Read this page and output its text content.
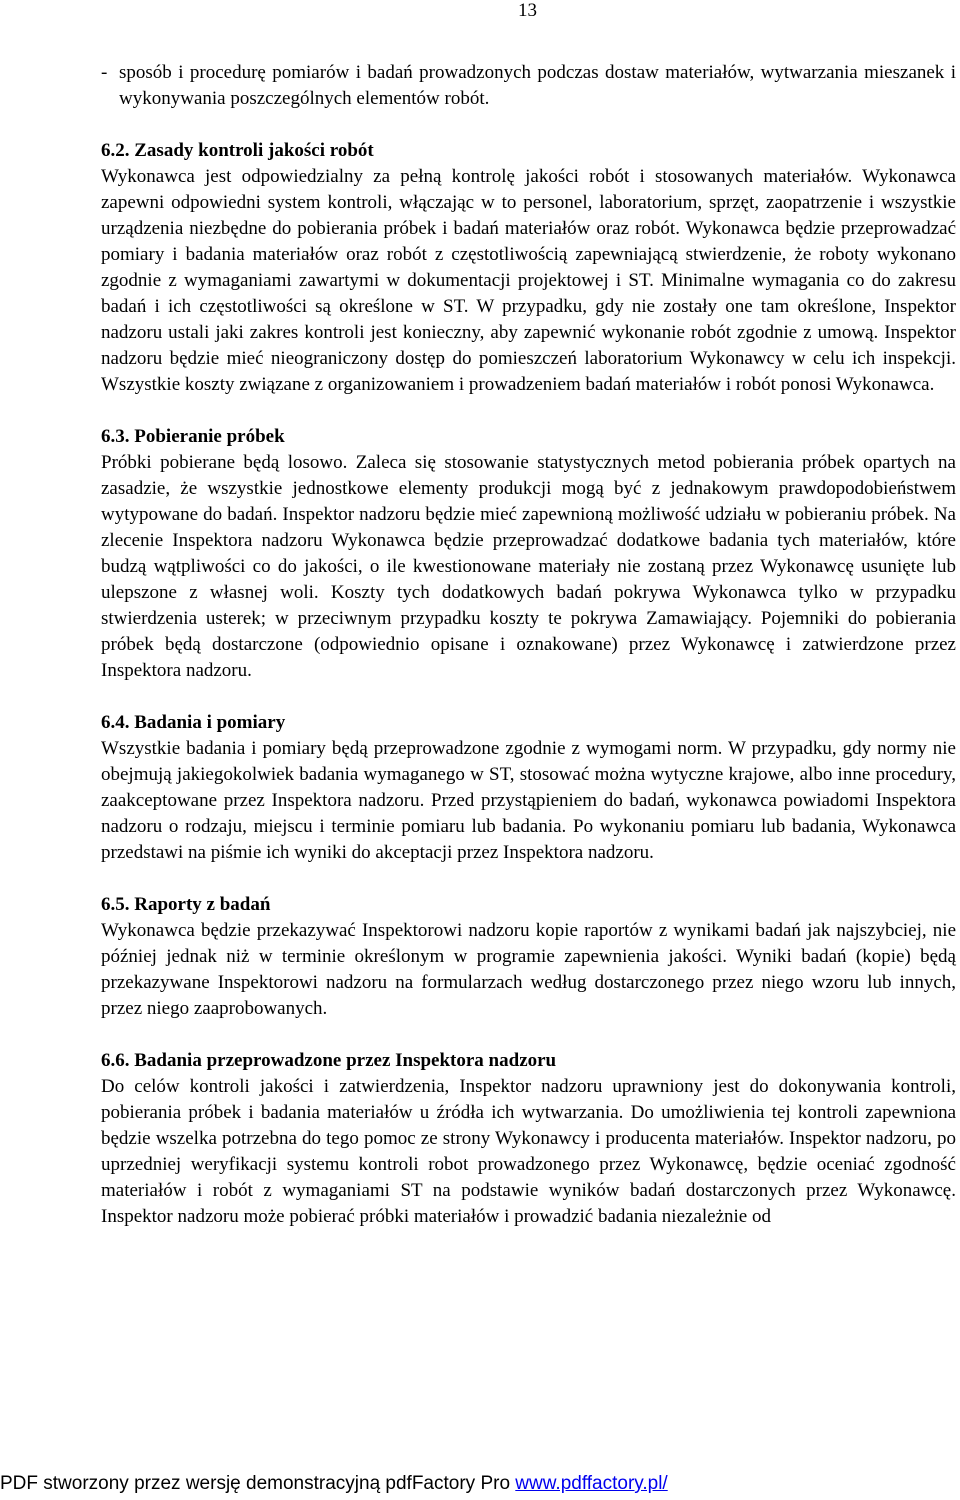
13
- sposób i procedurę pomiarów i badań prowadzonych podczas dostaw materiałów, wytwarzania mieszanek i wykonywania poszczególnych elementów robót.
6.2. Zasady kontroli jakości robót

Wykonawca jest odpowiedzialny za pełną kontrolę jakości robót i stosowanych materiałów. Wykonawca zapewni odpowiedni system kontroli, włączając w to personel, laboratorium, sprzęt, zaopatrzenie i wszystkie urządzenia niezbędne do pobierania próbek i badań materiałów oraz robót. Wykonawca będzie przeprowadzać pomiary i badania materiałów oraz robót z częstotliwością zapewniającą stwierdzenie, że roboty wykonano zgodnie z wymaganiami zawartymi w dokumentacji projektowej i ST. Minimalne wymagania co do zakresu badań i ich częstotliwości są określone w ST. W przypadku, gdy nie zostały one tam określone, Inspektor nadzoru ustali jaki zakres kontroli jest konieczny, aby zapewnić wykonanie robót zgodnie z umową. Inspektor nadzoru będzie mieć nieograniczony dostęp do pomieszczeń laboratorium Wykonawcy w celu ich inspekcji. Wszystkie koszty związane z organizowaniem i prowadzeniem badań materiałów i robót ponosi Wykonawca.

6.3. Pobieranie próbek

Próbki pobierane będą losowo. Zaleca się stosowanie statystycznych metod pobierania próbek opartych na zasadzie, że wszystkie jednostkowe elementy produkcji mogą być z jednakowym prawdopodobieństwem wytypowane do badań. Inspektor nadzoru będzie mieć zapewnioną możliwość udziału w pobieraniu próbek. Na zlecenie Inspektora nadzoru Wykonawca będzie przeprowadzać dodatkowe badania tych materiałów, które budzą wątpliwości co do jakości, o ile kwestionowane materiały nie zostaną przez Wykonawcę usunięte lub ulepszone z własnej woli. Koszty tych dodatkowych badań pokrywa Wykonawca tylko w przypadku stwierdzenia usterek; w przeciwnym przypadku koszty te pokrywa Zamawiający. Pojemniki do pobierania próbek będą dostarczone (odpowiednio opisane i oznakowane) przez Wykonawcę i zatwierdzone przez Inspektora nadzoru.

6.4. Badania i pomiary

Wszystkie badania i pomiary będą przeprowadzone zgodnie z wymogami norm. W przypadku, gdy normy nie obejmują jakiegokolwiek badania wymaganego w ST, stosować można wytyczne krajowe, albo inne procedury, zaakceptowane przez Inspektora nadzoru. Przed przystąpieniem do badań, wykonawca powiadomi Inspektora nadzoru o rodzaju, miejscu i terminie pomiaru lub badania. Po wykonaniu pomiaru lub badania, Wykonawca przedstawi na piśmie ich wyniki do akceptacji przez Inspektora nadzoru.

6.5. Raporty z badań

Wykonawca będzie przekazywać Inspektorowi nadzoru kopie raportów z wynikami badań jak najszybciej, nie później jednak niż w terminie określonym w programie zapewnienia jakości. Wyniki badań (kopie) będą przekazywane Inspektorowi nadzoru na formularzach według dostarczonego przez niego wzoru lub innych, przez niego zaaprobowanych.

6.6. Badania przeprowadzone przez Inspektora nadzoru

Do celów kontroli jakości i zatwierdzenia, Inspektor nadzoru uprawniony jest do dokonywania kontroli, pobierania próbek i badania materiałów u źródła ich wytwarzania. Do umożliwienia tej kontroli zapewniona będzie wszelka potrzebna do tego pomoc ze strony Wykonawcy i producenta materiałów. Inspektor nadzoru, po uprzedniej weryfikacji systemu kontroli robot prowadzonego przez Wykonawcę, będzie oceniać zgodność materiałów i robót z wymaganiami ST na podstawie wyników badań dostarczonych przez Wykonawcę. Inspektor nadzoru może pobierać próbki materiałów i prowadzić badania niezależnie od

PDF stworzony przez wersję demonstracyjną pdfFactory Pro www.pdffactory.pl/
